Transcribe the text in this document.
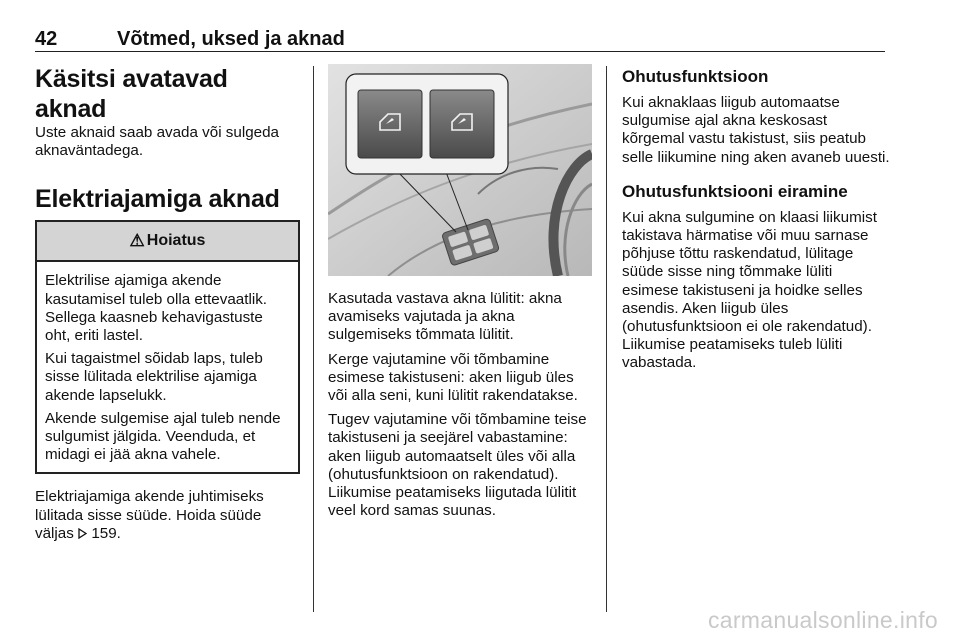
42	Võtmed, uksed ja aknad
Käsitsi avatavad aknad
Uste aknaid saab avada või sulgeda aknaväntadega.
Elektriajamiga aknad
⚠ Hoiatus
Elektrilise ajamiga akende kasutamisel tuleb olla ettevaatlik. Sellega kaasneb kehavigastuste oht, eriti lastel.
Kui tagaistmel sõidab laps, tuleb sisse lülitada elektrilise ajamiga akende lapselukk.
Akende sulgemise ajal tuleb nende sulgumist jälgida. Veenduda, et midagi ei jää akna vahele.
Elektriajamiga akende juhtimiseks lülitada sisse süüde. Hoida süüde väljas 159.
Kasutada vastava akna lülitit: akna avamiseks vajutada ja akna sulgemiseks tõmmata lülitit.
Kerge vajutamine või tõmbamine esimese takistuseni: aken liigub üles või alla seni, kuni lülitit rakendatakse.
Tugev vajutamine või tõmbamine teise takistuseni ja seejärel vabastamine: aken liigub automaatselt üles või alla (ohutusfunktsioon on rakendatud). Liikumise peatamiseks liigutada lülitit veel kord samas suunas.
Ohutusfunktsioon
Kui aknaklaas liigub automaatse sulgumise ajal akna keskosast kõrgemal vastu takistust, siis peatub selle liikumine ning aken avaneb uuesti.
Ohutusfunktsiooni eiramine
Kui akna sulgumine on klaasi liikumist takistava härmatise või muu sarnase põhjuse tõttu raskendatud, lülitage süüde sisse ning tõmmake lüliti esimese takistuseni ja hoidke selles asendis. Aken liigub üles (ohutusfunktsioon ei ole rakendatud). Liikumise peatamiseks tuleb lüliti vabastada.
carmanualsonline.info
